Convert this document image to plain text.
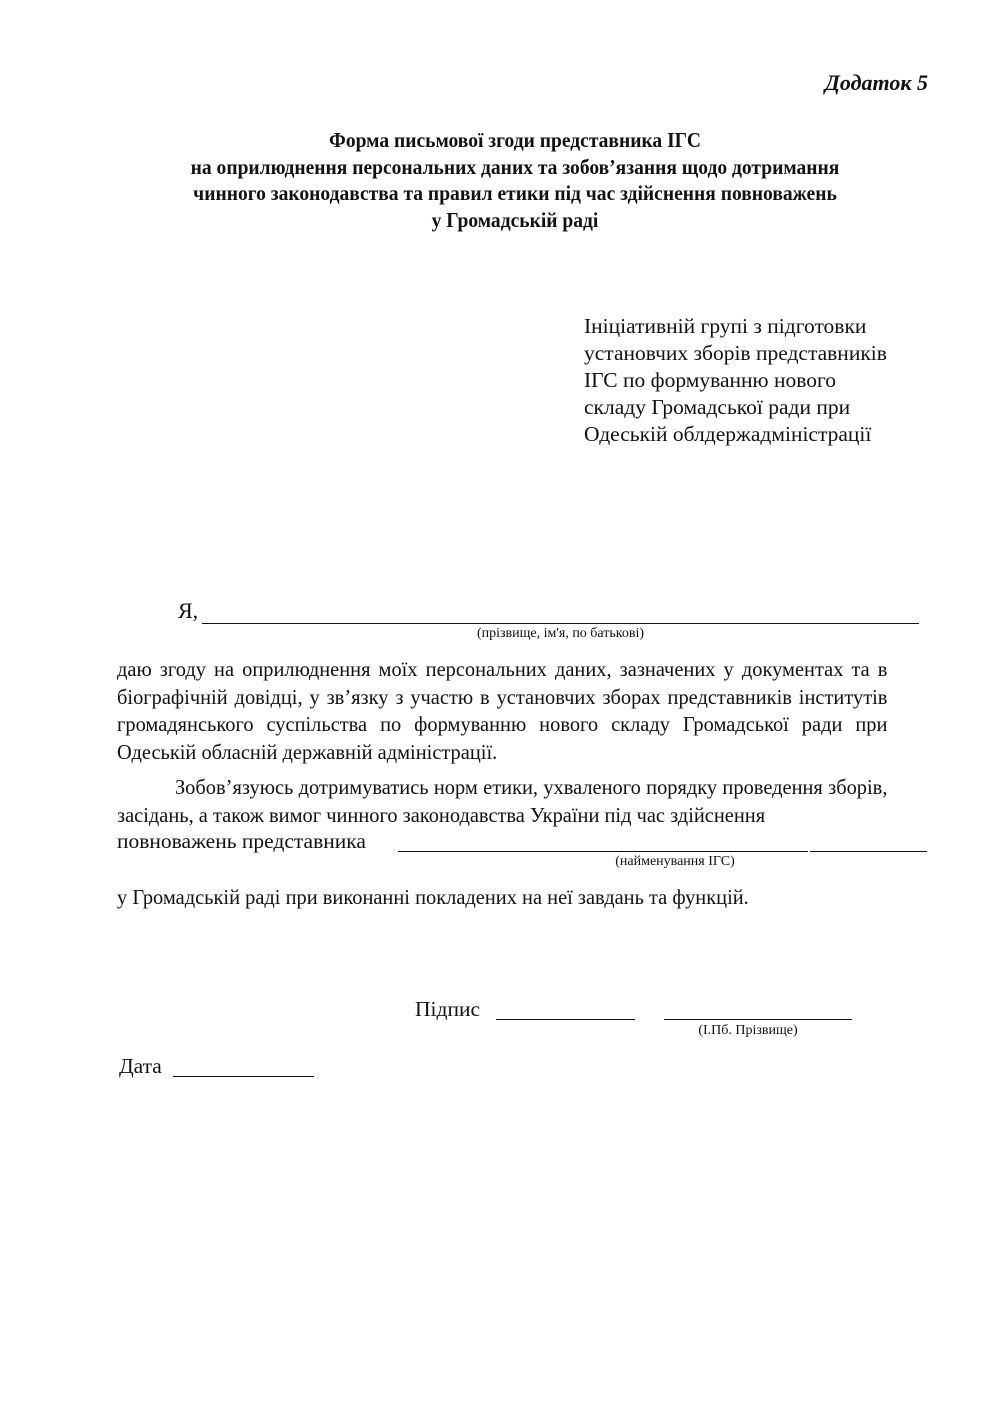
Додаток 5
Форма письмової згоди представника ІГС
на оприлюднення персональних даних та зобов’язання щодо дотримання
чинного законодавства та правил етики під час здійснення повноважень
у Громадській раді
Ініціативній групі з підготовки
установчих зборів представників
ІГС по формуванню нового
складу Громадської ради при
Одеській облдержадміністрації
Я,
(прізвище, ім'я, по батькові)

даю згоду на оприлюднення моїх персональних даних, зазначених у документах та в біографічній довідці, у зв’язку з участю в установчих зборах представників інститутів громадянського суспільства по формуванню нового складу Громадської ради при Одеській обласній державній адміністрації.

Зобов’язуюсь дотримуватись норм етики, ухваленого порядку проведення зборів, засідань, а також вимог чинного законодавства України під час здійснення

повноважень представника
(найменування ІГС)
у Громадській раді при виконанні покладених на неї завдань та функцій.
Підпис
(І.Пб. Прізвище)
Дата
